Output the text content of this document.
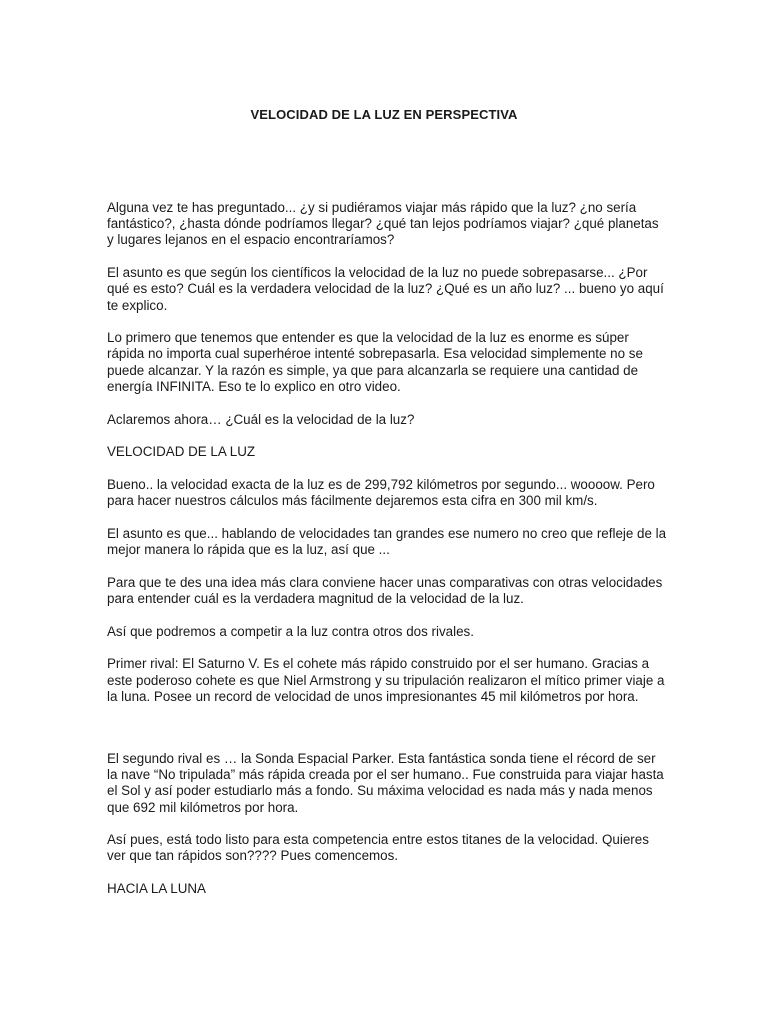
VELOCIDAD DE LA LUZ EN PERSPECTIVA

Alguna vez te has preguntado... ¿y si pudiéramos viajar más rápido que la luz? ¿no sería fantástico?, ¿hasta dónde podríamos llegar? ¿qué tan lejos podríamos viajar? ¿qué planetas y lugares lejanos en el espacio encontraríamos?

El asunto es que según los científicos la velocidad de la luz no puede sobrepasarse... ¿Por qué es esto? Cuál es la verdadera velocidad de la luz? ¿Qué es un año luz? ... bueno yo aquí te explico.

Lo primero que tenemos que entender es que la velocidad de la luz es enorme es súper rápida no importa cual superhéroe intenté sobrepasarla. Esa velocidad simplemente no se puede alcanzar. Y la razón es simple, ya que para alcanzarla se requiere una cantidad de energía INFINITA. Eso te lo explico en otro video.

Aclaremos ahora… ¿Cuál es la velocidad de la luz?

VELOCIDAD DE LA LUZ

Bueno.. la velocidad exacta de la luz es de 299,792 kilómetros por segundo... woooow. Pero para hacer nuestros cálculos más fácilmente dejaremos esta cifra en 300 mil km/s.

El asunto es que... hablando de velocidades tan grandes ese numero no creo que refleje de la mejor manera lo rápida que es la luz, así que ...

Para que te des una idea más clara conviene hacer unas comparativas con otras velocidades para entender cuál es la verdadera magnitud de la velocidad de la luz.

Así que podremos a competir a la luz contra otros dos rivales.

Primer rival: El Saturno V. Es el cohete más rápido construido por el ser humano. Gracias a este poderoso cohete es que Niel Armstrong y su tripulación realizaron el mítico primer viaje a la luna. Posee un record de velocidad de unos impresionantes 45 mil kilómetros por hora.

El segundo rival es … la Sonda Espacial Parker. Esta fantástica sonda tiene el récord de ser la nave “No tripulada” más rápida creada por el ser humano.. Fue construida para viajar hasta el Sol y así poder estudiarlo más a fondo. Su máxima velocidad es nada más y nada menos que 692 mil kilómetros por hora.

Así pues, está todo listo para esta competencia entre estos titanes de la velocidad. Quieres ver que tan rápidos son???? Pues comencemos.

HACIA LA LUNA
